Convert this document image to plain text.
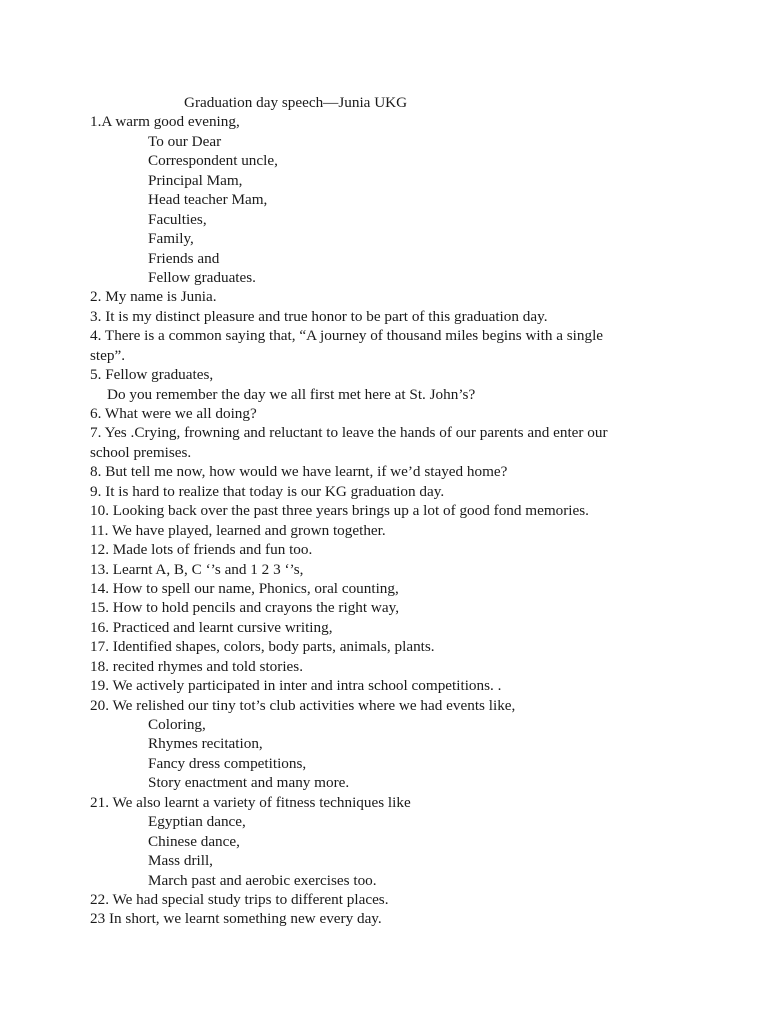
Graduation day speech—Junia UKG
1.A warm good evening,
To our Dear
Correspondent uncle,
Principal Mam,
Head teacher Mam,
Faculties,
Family,
Friends and
Fellow graduates.
2. My name is Junia.
3. It is my distinct pleasure and true honor to be part of this graduation day.
4. There is a common saying that, “A journey of thousand miles begins with a single
step”.
5. Fellow graduates,
Do you remember the day we all first met here at St. John’s?
6. What were we all doing?
7. Yes .Crying, frowning and reluctant to leave the hands of our parents and enter our
school premises.
8. But tell me now, how would we have learnt, if we’d stayed home?
9. It is hard to realize that today is our KG graduation day.
10. Looking back over the past three years brings up a lot of good fond memories.
11. We have played, learned and grown together.
12. Made lots of friends and fun too.
13. Learnt A, B, C ‘’s and 1 2 3 ‘’s,
14. How to spell our name, Phonics, oral counting,
15. How to hold pencils and crayons the right way,
16. Practiced and learnt cursive writing,
17. Identified shapes, colors, body parts, animals, plants.
18. recited rhymes and told stories.
19. We actively participated in inter and intra school competitions. .
20. We relished our tiny tot’s club activities where we had events like,
Coloring,
Rhymes recitation,
Fancy dress competitions,
Story enactment and many more.
21. We also learnt a variety of fitness techniques like
Egyptian dance,
Chinese dance,
Mass drill,
March past and aerobic exercises too.
22. We had special study trips to different places.
23 In short, we learnt something new every day.
